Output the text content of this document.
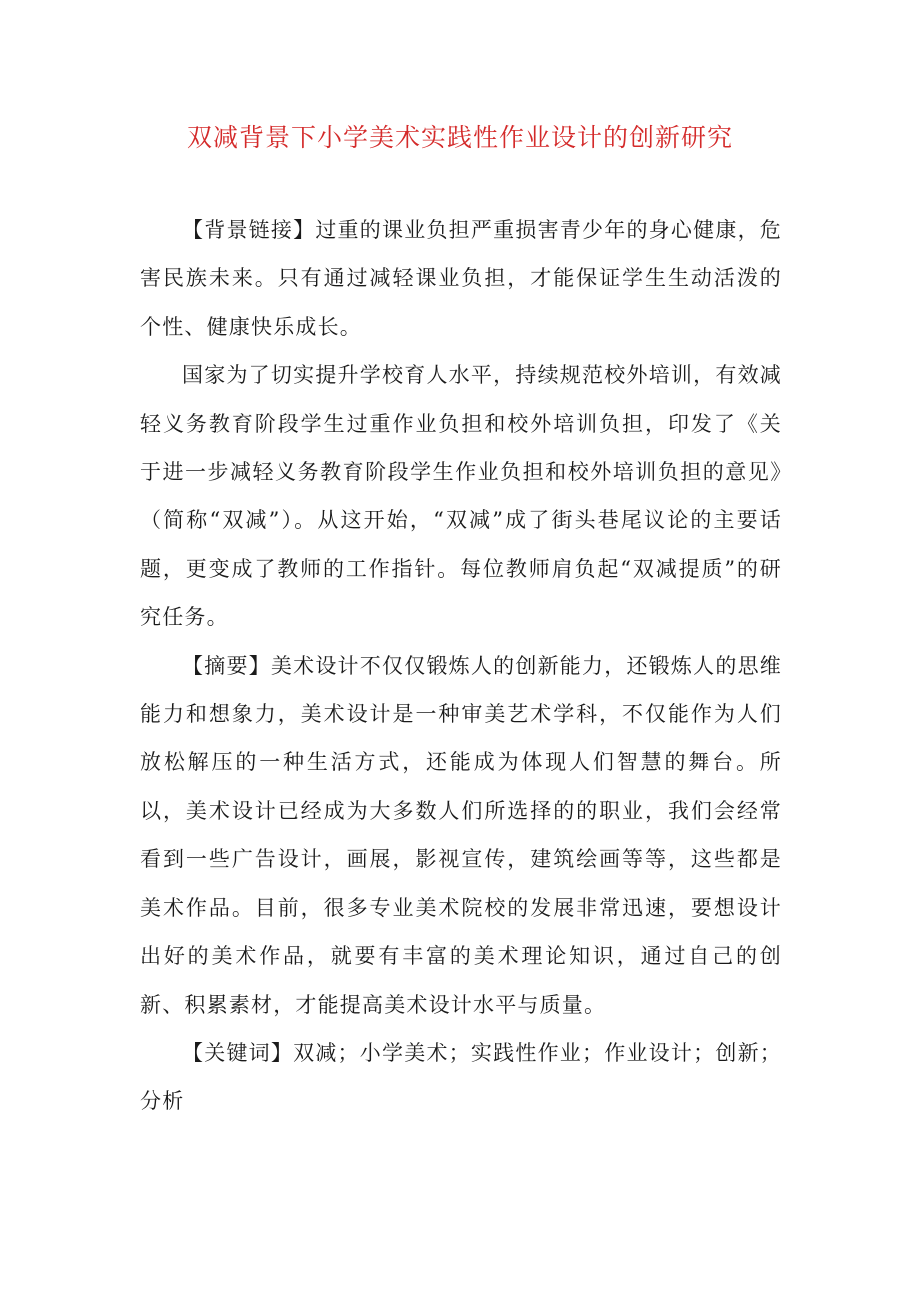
双减背景下小学美术实践性作业设计的创新研究

【背景链接】过重的课业负担严重损害青少年的身心健康，危害民族未来。只有通过减轻课业负担，才能保证学生生动活泼的个性、健康快乐成长。

国家为了切实提升学校育人水平，持续规范校外培训，有效减轻义务教育阶段学生过重作业负担和校外培训负担，印发了《关于进一步减轻义务教育阶段学生作业负担和校外培训负担的意见》（简称“双减”）。从这开始，“双减”成了街头巷尾议论的主要话题，更变成了教师的工作指针。每位教师肩负起“双减提质”的研究任务。

【摘要】美术设计不仅仅锻炼人的创新能力，还锻炼人的思维能力和想象力，美术设计是一种审美艺术学科，不仅能作为人们放松解压的一种生活方式，还能成为体现人们智慧的舞台。所以，美术设计已经成为大多数人们所选择的的职业，我们会经常看到一些广告设计，画展，影视宣传，建筑绘画等等，这些都是美术作品。目前，很多专业美术院校的发展非常迅速，要想设计出好的美术作品，就要有丰富的美术理论知识，通过自己的创新、积累素材，才能提高美术设计水平与质量。

【关键词】双减；小学美术；实践性作业；作业设计；创新；分析
